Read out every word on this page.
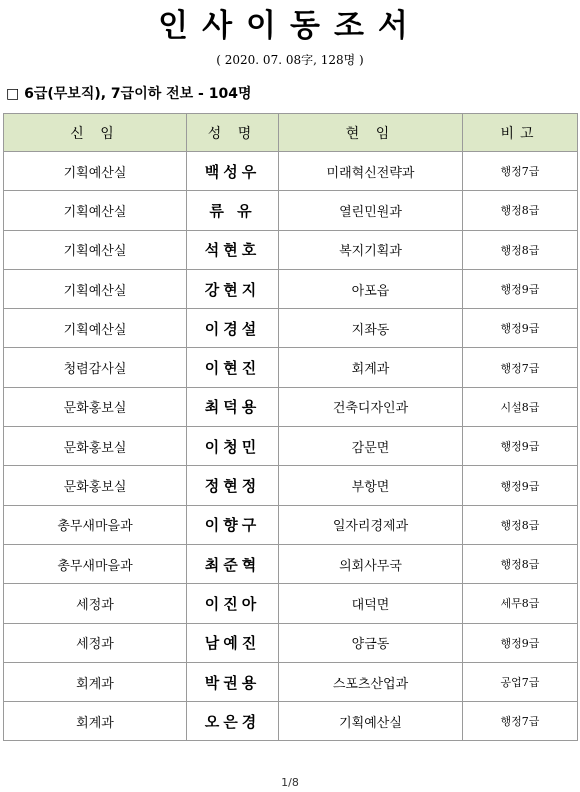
인사이동조서
( 2020. 07. 08字, 128명 )
□ 6급(무보직), 7급이하 전보 - 104명
신 임	성 명	현 임	비고
기획예산실	백성우	미래혁신전략과	행정7급
기획예산실	류 유	열린민원과	행정8급
기획예산실	석현호	복지기획과	행정8급
기획예산실	강현지	아포읍	행정9급
기획예산실	이경설	지좌동	행정9급
청렴감사실	이현진	회계과	행정7급
문화홍보실	최덕용	건축디자인과	시설8급
문화홍보실	이청민	감문면	행정9급
문화홍보실	정현정	부항면	행정9급
총무새마을과	이향구	일자리경제과	행정8급
총무새마을과	최준혁	의회사무국	행정8급
세정과	이진아	대덕면	세무8급
세정과	남예진	양금동	행정9급
회계과	박권용	스포츠산업과	공업7급
회계과	오은경	기획예산실	행정7급
1/8
